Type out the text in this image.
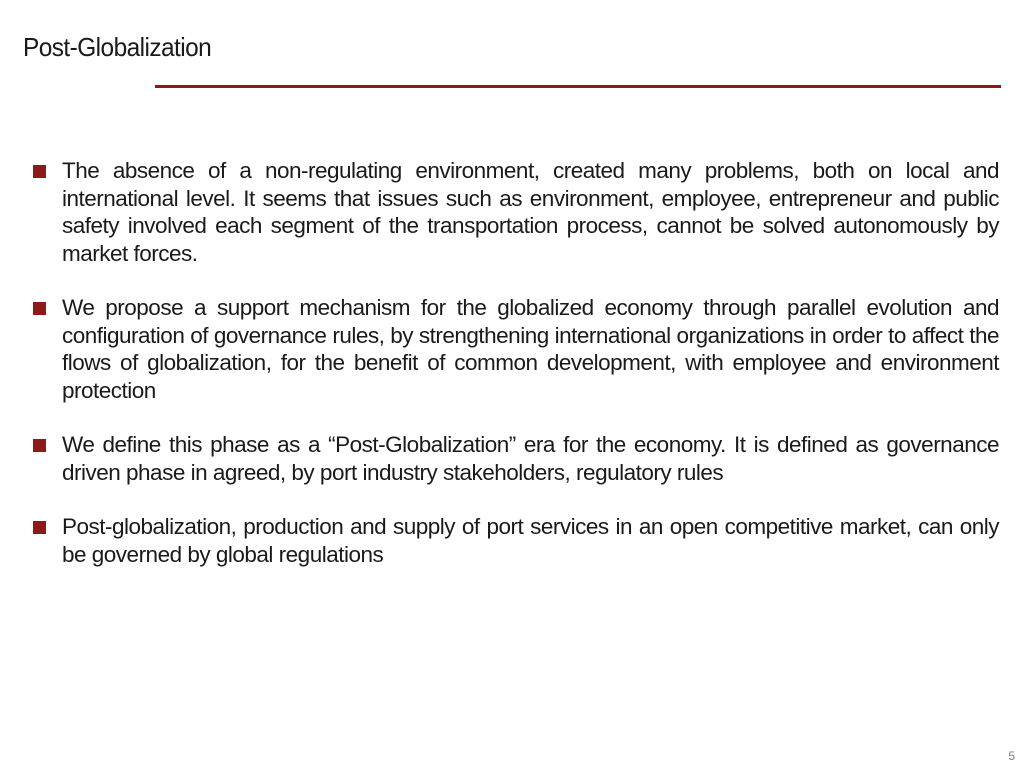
Post-Globalization
The absence of a non-regulating environment, created many problems, both on local and international level. It seems that issues such as environment, employee, entrepreneur and public safety involved each segment of the transportation process, cannot be solved autonomously by market forces.
We propose a support mechanism for the globalized economy through parallel evolution and configuration of governance rules, by strengthening international organizations in order to affect the flows of globalization, for the benefit of common development, with employee and environment protection
We define this phase as a “Post-Globalization” era for the economy. It is defined as governance driven phase in agreed, by port industry stakeholders, regulatory rules
Post-globalization, production and supply of port services in an open competitive market, can only be governed by global regulations
5
